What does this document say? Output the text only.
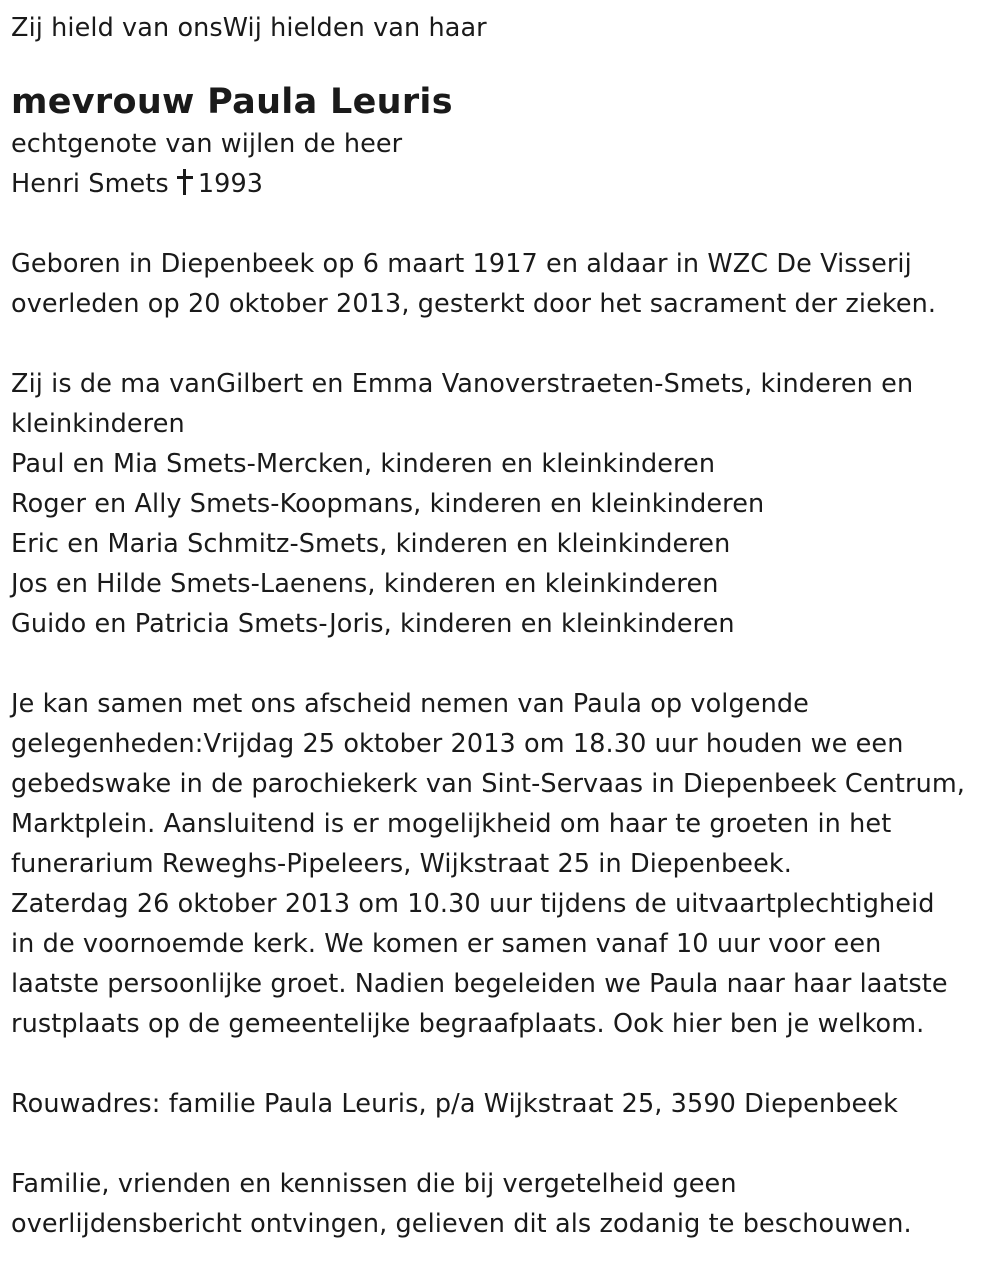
Zij hield van onsWij hielden van haar
mevrouw Paula Leuris
echtgenote van wijlen de heer
Henri Smets 1993
Geboren in Diepenbeek op 6 maart 1917 en aldaar in WZC De Visserij
overleden op 20 oktober 2013, gesterkt door het sacrament der zieken.
Zij is de ma vanGilbert en Emma Vanoverstraeten-Smets, kinderen en
kleinkinderen
Paul en Mia Smets-Mercken, kinderen en kleinkinderen
Roger en Ally Smets-Koopmans, kinderen en kleinkinderen
Eric en Maria Schmitz-Smets, kinderen en kleinkinderen
Jos en Hilde Smets-Laenens, kinderen en kleinkinderen
Guido en Patricia Smets-Joris, kinderen en kleinkinderen
Je kan samen met ons afscheid nemen van Paula op volgende
gelegenheden:Vrijdag 25 oktober 2013 om 18.30 uur houden we een
gebedswake in de parochiekerk van Sint-Servaas in Diepenbeek Centrum,
Marktplein. Aansluitend is er mogelijkheid om haar te groeten in het
funerarium Reweghs-Pipeleers, Wijkstraat 25 in Diepenbeek.
Zaterdag 26 oktober 2013 om 10.30 uur tijdens de uitvaartplechtigheid
in de voornoemde kerk. We komen er samen vanaf 10 uur voor een
laatste persoonlijke groet. Nadien begeleiden we Paula naar haar laatste
rustplaats op de gemeentelijke begraafplaats. Ook hier ben je welkom.
Rouwadres: familie Paula Leuris, p/a Wijkstraat 25, 3590 Diepenbeek
Familie, vrienden en kennissen die bij vergetelheid geen
overlijdensbericht ontvingen, gelieven dit als zodanig te beschouwen.
